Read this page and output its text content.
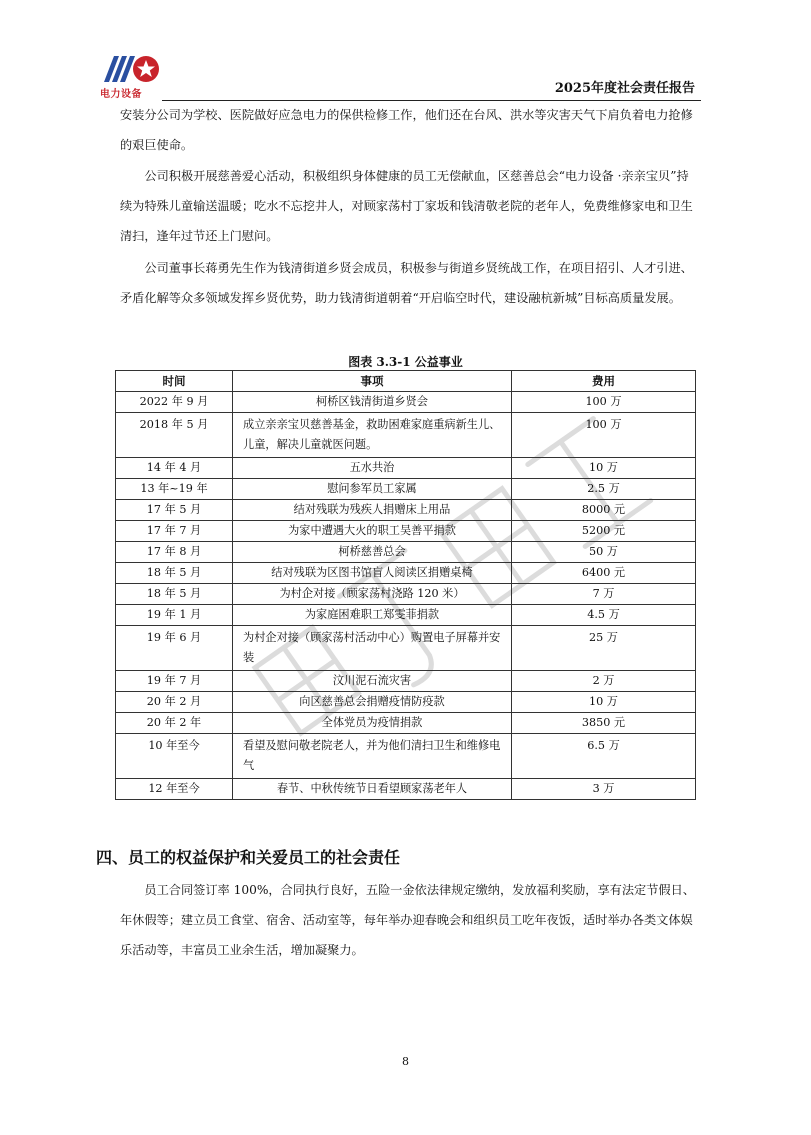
电力设备	2025年度社会责任报告

安装分公司为学校、医院做好应急电力的保供检修工作，他们还在台风、洪水等灾害天气下肩负着电力抢修的艰巨使命。

公司积极开展慈善爱心活动，积极组织身体健康的员工无偿献血，区慈善总会“电力设备 ·亲亲宝贝”持续为特殊儿童输送温暖；吃水不忘挖井人，对顾家荡村丁家坂和钱清敬老院的老年人，免费维修家电和卫生清扫，逢年过节还上门慰问。

公司董事长蒋勇先生作为钱清街道乡贤会成员，积极参与街道乡贤统战工作，在项目招引、人才引进、矛盾化解等众多领域发挥乡贤优势，助力钱清街道朝着“开启临空时代，建设融杭新城”目标高质量发展。

图表 3.3-1 公益事业
时间	事项	费用
2022 年 9 月	柯桥区钱清街道乡贤会	100 万
2018 年 5 月	成立亲亲宝贝慈善基金，救助困难家庭重病新生儿、儿童，解决儿童就医问题。	100 万
14 年 4 月	五水共治	10 万
13 年~19 年	慰问参军员工家属	2.5 万
17 年 5 月	结对残联为残疾人捐赠床上用品	8000 元
17 年 7 月	为家中遭遇大火的职工吴善平捐款	5200 元
17 年 8 月	柯桥慈善总会	50 万
18 年 5 月	结对残联为区图书馆盲人阅读区捐赠桌椅	6400 元
18 年 5 月	为村企对接（顾家荡村浇路 120 米）	7 万
19 年 1 月	为家庭困难职工郑雯菲捐款	4.5 万
19 年 6 月	为村企对接（顾家荡村活动中心）购置电子屏幕并安装	25 万
19 年 7 月	汶川泥石流灾害	2 万
20 年 2 月	向区慈善总会捐赠疫情防疫款	10 万
20 年 2 年	全体党员为疫情捐款	3850 元
10 年至今	看望及慰问敬老院老人，并为他们清扫卫生和维修电气	6.5 万
12 年至今	春节、中秋传统节日看望顾家荡老年人	3 万
四、员工的权益保护和关爱员工的社会责任

员工合同签订率 100%，合同执行良好，五险一金依法律规定缴纳，发放福利奖励，享有法定节假日、年休假等；建立员工食堂、宿舍、活动室等，每年举办迎春晚会和组织员工吃年夜饭，适时举办各类文体娱乐活动等，丰富员工业余生活，增加凝聚力。

8
